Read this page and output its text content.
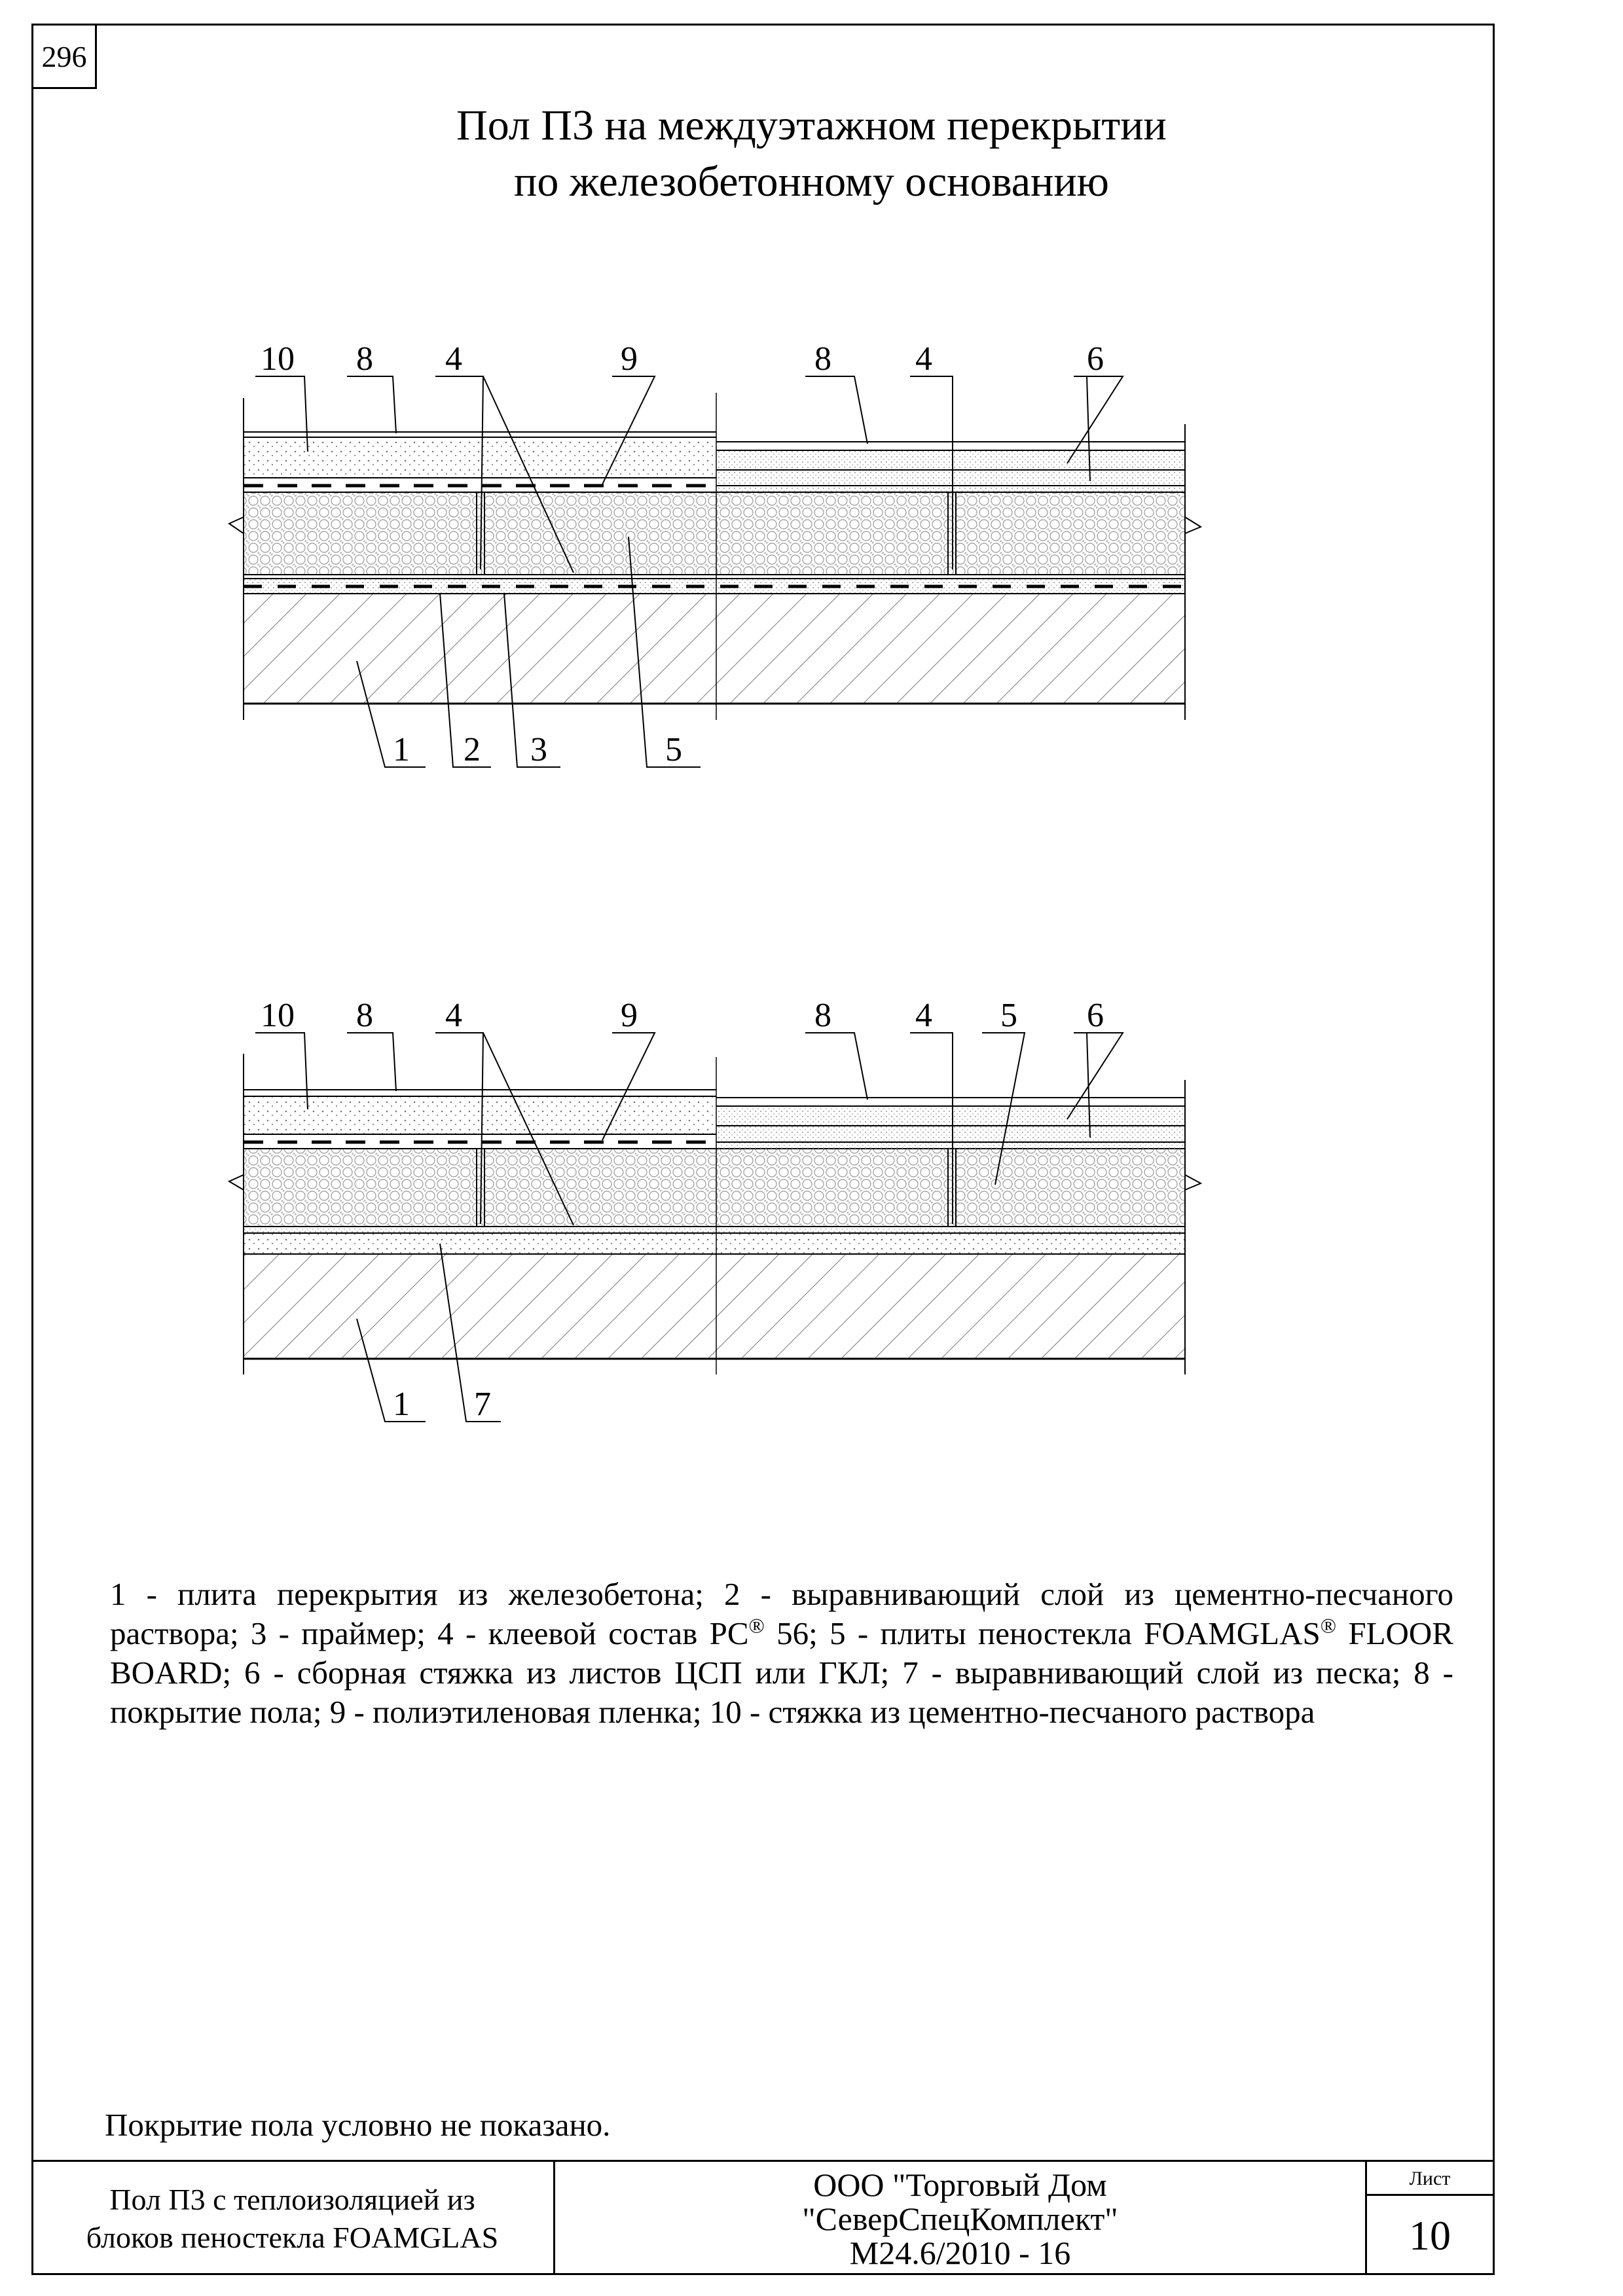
296
Пол П3 на междуэтажном перекрытии
по железобетонному основанию
10 8 4	9	8 4	6
1 2 3	5
10 8 4	9	8 4 5 6
1 7
1 - плита перекрытия из железобетона; 2 - выравнивающий слой из цементно-песчаного раствора; 3 - праймер; 4 - клеевой состав PC® 56; 5 - плиты пеностекла FOAMGLAS® FLOOR BOARD; 6 - сборная стяжка из листов ЦСП или ГКЛ; 7 - выравнивающий слой из песка; 8 - покрытие пола; 9 - полиэтиленовая пленка; 10 - стяжка из цементно-песчаного раствора
Покрытие пола условно не показано.
Пол П3 с теплоизоляцией из
блоков пеностекла FOAMGLAS
ООО "Торговый Дом
"СеверСпецКомплект"
M24.6/2010 - 16
Лист
10
